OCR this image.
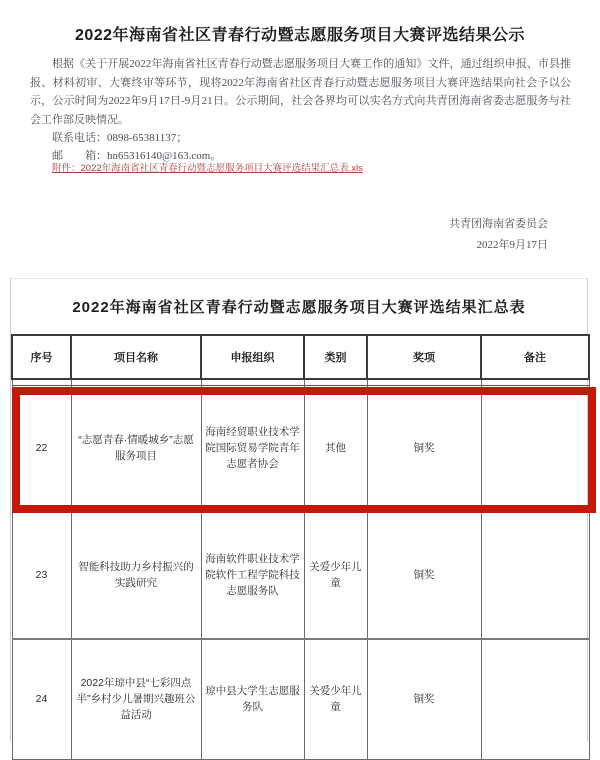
2022年海南省社区青春行动暨志愿服务项目大赛评选结果公示
根据《关于开展2022年海南省社区青春行动暨志愿服务项目大赛工作的通知》文件，通过组织申报、市县推报、材料初审、大赛终审等环节，现将2022年海南省社区青春行动暨志愿服务项目大赛评选结果向社会予以公示，公示时间为2022年9月17日-9月21日。公示期间，社会各界均可以实名方式向共青团海南省委志愿服务与社会工作部反映情况。
联系电话：0898-65381137；
邮　　箱：hn65316140@163.com。
附件：2022年海南省社区青春行动暨志愿服务项目大赛评选结果汇总表.xls
共青团海南省委员会
2022年9月17日
2022年海南省社区青春行动暨志愿服务项目大赛评选结果汇总表
序号	项目名称	申报组织	类别	奖项	备注

22	“志愿青春·情暖城乡”志愿服务项目	海南经贸职业技术学院国际贸易学院青年志愿者协会	其他	铜奖	
23	智能科技助力乡村振兴的实践研究	海南软件职业技术学院软件工程学院科技志愿服务队	关爱少年儿童	铜奖	
24	2022年琼中县“七彩四点半”乡村少儿暑期兴趣班公益活动	琼中县大学生志愿服务队	关爱少年儿童	铜奖	
